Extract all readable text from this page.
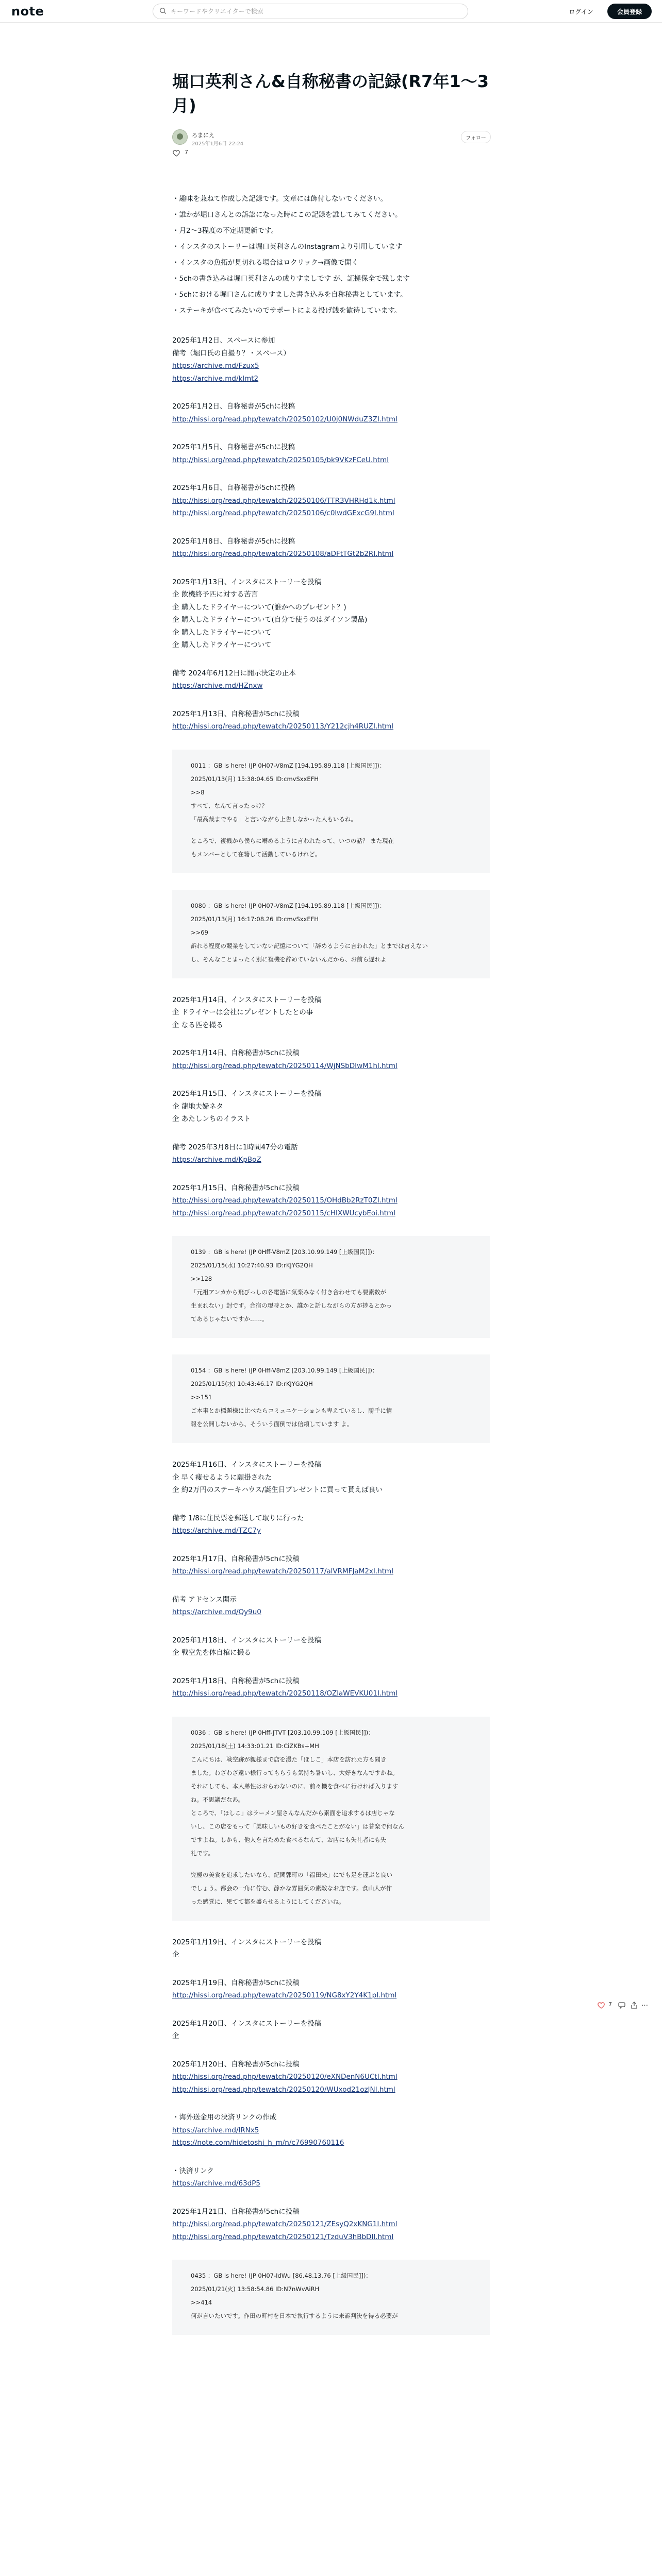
note
キーワードやクリエイターで検索	ログイン	会員登録
堀口英利さん&自称秘書の記録(R7年1〜3月)
ろまにえ
2025年1月6日 22:24
フォロー
7
・趣味を兼ねて作成した記録です。文章には飾付しないでください。
・誰かが堀口さんとの訴訟になった時にこの記録を誰してみてください。
・月2〜3程度の不定期更新です。
・インスタのストーリーは堀口英利さんのInstagramより引用しています
・インスタの魚拓が見切れる場合はロクリック→画像で開く
・5chの書き込みは堀口英利さんの成りすましです が、証拠保全で残します
・5chにおける堀口さんに成りすました書き込みを自称秘書としています。
・ステーキが食べてみたいのでサポートによる投げ銭を歓待しています。

2025年1月2日、スペースに参加

備考（堀口氏の自撮り？・スペース）

https://archive.md/Fzux5

https://archive.md/klmt2

2025年1月2日、自称秘書が5chに投稿

http://hissi.org/read.php/tewatch/20250102/U0j0NWduZ3ZI.html

2025年1月5日、自称秘書が5chに投稿

http://hissi.org/read.php/tewatch/20250105/bk9VKzFCeU.html

2025年1月6日、自称秘書が5chに投稿

http://hissi.org/read.php/tewatch/20250106/TTR3VHRHd1k.html

http://hissi.org/read.php/tewatch/20250106/c0lwdGExcG9l.html

2025年1月8日、自称秘書が5chに投稿

http://hissi.org/read.php/tewatch/20250108/aDFtTGt2b2RI.html

2025年1月13日、インスタにストーリーを投稿

企 飲機終予匹に対する苦言

企 購入したドライヤーについて(誰かへのプレゼント？)

企 購入したドライヤーについて(自分で使うのはダイソン製品)

企 購入したドライヤーについて

企 購入したドライヤーについて

備考 2024年6月12日に開示決定の正本

https://archive.md/HZnxw

2025年1月13日、自称秘書が5chに投稿

http://hissi.org/read.php/tewatch/20250113/Y212cjh4RUZI.html

0011 ：GB is here! (JP 0H07-V8mZ [194.195.89.118 [上級国民]])：

2025/01/13(月) 15:38:04.65 ID:cmvSxxEFH

>>8

すべて、なんて言ったっけ？

「最高裁までやる」と言いながら上告しなかった人もいるね。

ところで、複機から僕らに囀めるように言われたって、いつの話？ また現在

もメンバーとして在籍して活動しているけれど。

0080 ：GB is here! (JP 0H07-V8mZ [194.195.89.118 [上級国民]])：

2025/01/13(月) 16:17:08.26 ID:cmvSxxEFH

>>69

訴れる程度の競業をしていない記憶について「辞めるように言われた」とまでは言えない

し、そんなことまったく別に複機を辞めていないんだから、お前ら遅れよ

2025年1月14日、インスタにストーリーを投稿

企 ドライヤーは会社にプレゼントしたとの事

企 なる匹を撮る

2025年1月14日、自称秘書が5chに投稿

http://hissi.org/read.php/tewatch/20250114/WjNSbDIwM1hl.html

2025年1月15日、インスタにストーリーを投稿

企 龍地夫婦ネタ

企 あたしンちのイラスト

備考 2025年3月8日に1時間47分の電話

https://archive.md/KpBoZ

2025年1月15日、自称秘書が5chに投稿

http://hissi.org/read.php/tewatch/20250115/OHdBb2RzT0ZI.html

http://hissi.org/read.php/tewatch/20250115/cHIXWUcybEoi.html

0139 ：GB is here! (JP 0Hff-V8mZ [203.10.99.149 [上級国民]])：

2025/01/15(水) 10:27:40.93 ID:rKJYG2QH

>>128

「元祖アンカから飛びっしの各電話に気楽みなく付き合わせても要素数が

生まれない」封です。合宿の現時とか、誰かと話しながらの方が捗るとかっ

てあるじゃないですか……。

0154 ：GB is here! (JP 0Hff-V8mZ [203.10.99.149 [上級国民]])：

2025/01/15(水) 10:43:46.17 ID:rKJYG2QH

>>151

ご本事とか標題様に比べたらコミュニケーションも卑えているし、勝手に情

報を公開しないから、そういう面倒では信頼しています よ。

2025年1月16日、インスタにストーリーを投稿

企 早く痩せるように願掛された

企 約2万円のステーキハウス/誕生日プレゼントに買って貰えば良い

備考 1/8に住民票を郵送して取りに行った

https://archive.md/TZC7y

2025年1月17日、自称秘書が5chに投稿

http://hissi.org/read.php/tewatch/20250117/alVRMFJaM2xI.html

備考 アドセンス開示

https://archive.md/Qy9u0

2025年1月18日、インスタにストーリーを投稿

企 戦空先を体自棺に撮る

2025年1月18日、自称秘書が5chに投稿

http://hissi.org/read.php/tewatch/20250118/OZlaWEVKU01I.html

0036 ：GB is here! (JP 0Hff-JTVT [203.10.99.109 [上級国民]])：

2025/01/18(土) 14:33:01.21 ID:CiZKBs+MH

こんにちは、戦空跡が親様まで店を漫た「ほしこ」本店を訪れた方も聞き

ました。わざわざ遠い様行ってもらうも気持ち暑いし、大好きなんですかね。

それにしても、本人弟性はおらわないのに、前々機を食べに行ければ入ります

ね。不思議だなあ。

ところで、「ほしこ」はラーメン屋さんなんだから素面を追求するは店じゃな

いし、この店をもって「美味しいもの好きを食べたことがない」は普楽で何なん

ですよね。しかも、他人を言ためた食べるなんて、お店にも失礼者にも失

礼です。

究極の美食を追求したいなら、紀関郭町の「福田来」にでも足を運ぶと良い

でしょう。都会の一角に佇む、静かな雰囲気の素敵なお店です。食山人が作

った感覚に、果てて都を盛らせるようにしてくださいね。

2025年1月19日、インスタにストーリーを投稿

企

2025年1月19日、自称秘書が5chに投稿

http://hissi.org/read.php/tewatch/20250119/NG8xY2Y4K1pI.html

2025年1月20日、インスタにストーリーを投稿

企

2025年1月20日、自称秘書が5chに投稿

http://hissi.org/read.php/tewatch/20250120/eXNDenN6UCtI.html

http://hissi.org/read.php/tewatch/20250120/WUxod21ozJNI.html

・海外送金用の決済リンクの作成

https://archive.md/lRNx5

https://note.com/hidetoshi_h_m/n/c76990760116

・決済リンク

https://archive.md/63dP5

2025年1月21日、自称秘書が5chに投稿

http://hissi.org/read.php/tewatch/20250121/ZEsyQ2xKNG1I.html

http://hissi.org/read.php/tewatch/20250121/TzduV3hBbDlI.html

0435 ：GB is here! (JP 0H07-IdWu [86.48.13.76 [上級国民]])：

2025/01/21(火) 13:58:54.86 ID:N7nWvAiRH

>>414

何が言いたいです。作田の町村を日本で執行するように来訴判決を得る必要が

7	…
